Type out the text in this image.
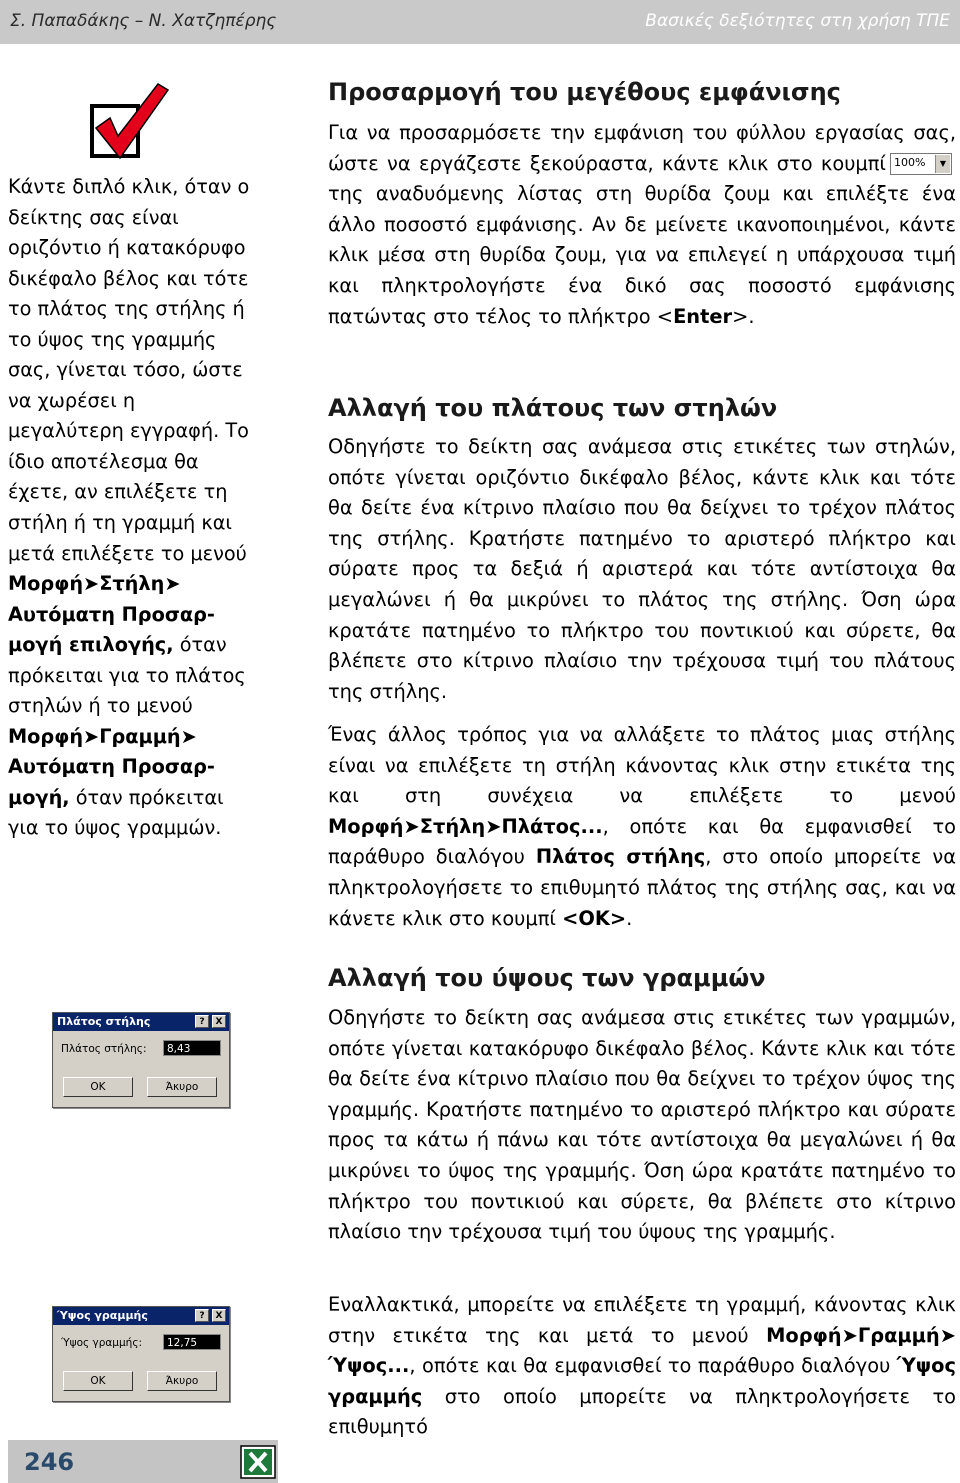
Σ. Παπαδάκης – Ν. Χατζηπέρης	Βασικές δεξιότητες στη χρήση ΤΠΕ
Κάντε διπλό κλικ, όταν ο δείκτης σας είναι οριζόντιο ή κατακόρυφο δικέφαλο βέλος και τότε το πλάτος της στήλης ή το ύψος της γραμμής σας, γίνεται τόσο, ώστε να χωρέσει η μεγαλύτερη εγγραφή. Το ίδιο αποτέλεσμα θα έχετε, αν επιλέξετε τη στήλη ή τη γραμμή και μετά επιλέξετε το μενού Μορφή➤Στήλη➤ Αυτόματη Προσαρ- μογή επιλογής, όταν πρόκειται για το πλάτος στηλών ή το μενού Μορφή➤Γραμμή➤ Αυτόματη Προσαρ- μογή, όταν πρόκειται για το ύψος γραμμών.
Προσαρμογή του μεγέθους εμφάνισης

Για να προσαρμόσετε την εμφάνιση του φύλλου εργασίας σας, ώστε να εργάζεστε ξεκούραστα, κάντε κλικ στο κουμπί 100%	▼
της αναδυόμενης λίστας στη θυρίδα ζουμ και επιλέξτε ένα άλλο ποσοστό εμφάνισης. Αν δε μείνετε ικανοποιημένοι, κάντε κλικ μέσα στη θυρίδα ζουμ, για να επιλεγεί η υπάρχουσα τιμή και πληκτρολογήστε ένα δικό σας ποσοστό εμφάνισης πατώντας στο τέλος το πλήκτρο <Enter>.

Αλλαγή του πλάτους των στηλών

Οδηγήστε το δείκτη σας ανάμεσα στις ετικέτες των στηλών, οπότε γίνεται οριζόντιο δικέφαλο βέλος, κάντε κλικ και τότε θα δείτε ένα κίτρινο πλαίσιο που θα δείχνει το τρέχον πλάτος της στήλης. Κρατήστε πατημένο το αριστερό πλήκτρο και σύρατε προς τα δεξιά ή αριστερά και τότε αντίστοιχα θα μεγαλώνει ή θα μικρύνει το πλάτος της στήλης. Όση ώρα κρατάτε πατημένο το πλήκτρο του ποντικιού και σύρετε, θα βλέπετε στο κίτρινο πλαίσιο την τρέχουσα τιμή του πλάτους της στήλης.

Ένας άλλος τρόπος για να αλλάξετε το πλάτος μιας στήλης είναι να επιλέξετε τη στήλη κάνοντας κλικ στην ετικέτα της και στη συνέχεια να επιλέξετε το μενού Μορφή➤Στήλη➤Πλάτος..., οπότε και θα εμφανισθεί το παράθυρο διαλόγου Πλάτος στήλης, στο οποίο μπορείτε να πληκτρολογήσετε το επιθυμητό πλάτος της στήλης σας, και να κάνετε κλικ στο κουμπί <OK>.

Πλάτος στήλης	?	X
Πλάτος στήλης:	8,43
OK	Άκυρο
Αλλαγή του ύψους των γραμμών

Οδηγήστε το δείκτη σας ανάμεσα στις ετικέτες των γραμμών, οπότε γίνεται κατακόρυφο δικέφαλο βέλος. Κάντε κλικ και τότε θα δείτε ένα κίτρινο πλαίσιο που θα δείχνει το τρέχον ύψος της γραμμής. Κρατήστε πατημένο το αριστερό πλήκτρο και σύρατε προς τα κάτω ή πάνω και τότε αντίστοιχα θα μεγαλώνει ή θα μικρύνει το ύψος της γραμμής. Όση ώρα κρατάτε πατημένο το πλήκτρο του ποντικιού και σύρετε, θα βλέπετε στο κίτρινο πλαίσιο την τρέχουσα τιμή του ύψους της γραμμής.

Εναλλακτικά, μπορείτε να επιλέξετε τη γραμμή, κάνοντας κλικ στην ετικέτα της και μετά το μενού Μορφή➤Γραμμή➤ Ύψος..., οπότε και θα εμφανισθεί το παράθυρο διαλόγου Ύψος γραμμής στο οποίο μπορείτε να πληκτρολογήσετε το επιθυμητό

Ύψος γραμμής	?	X
Ύψος γραμμής:	12,75
OK	Άκυρο
246
